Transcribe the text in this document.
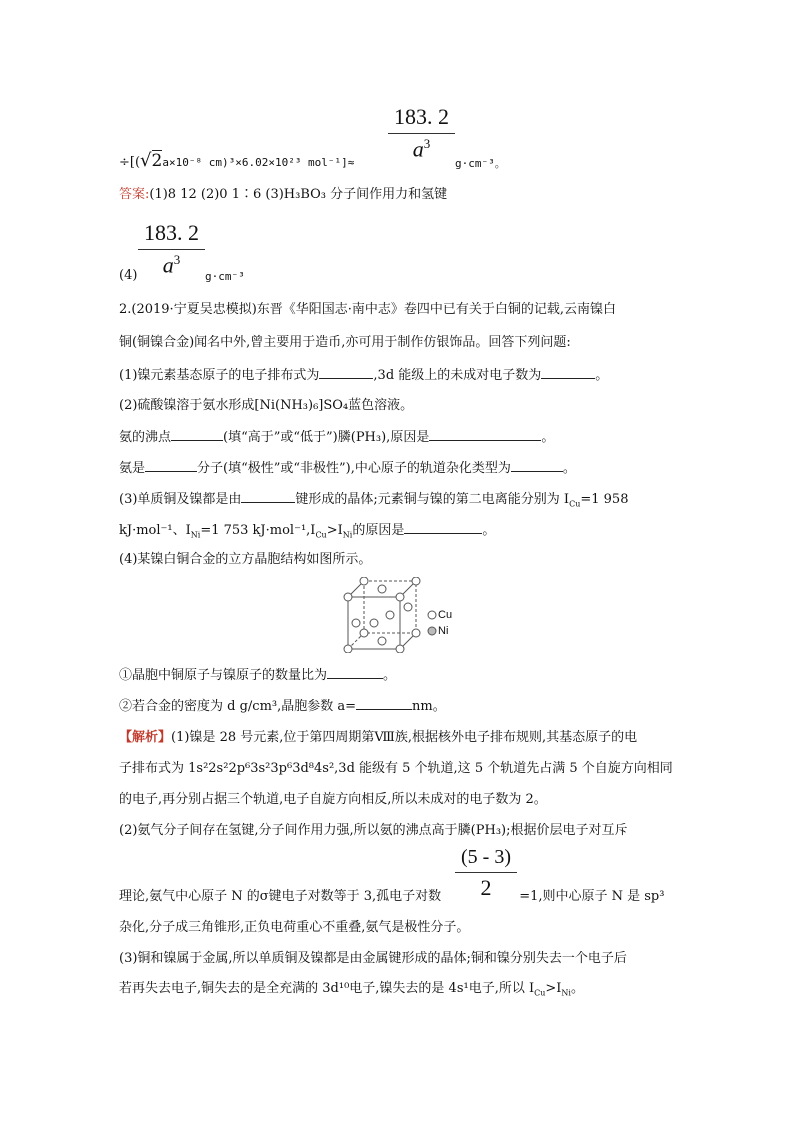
$\frac{183. 2}{a^3}$
÷[(√2a×10⁻⁸ cm)³×6.02×10²³ mol⁻¹]≈	g·cm⁻³。
答案:(1)8 12 (2)0 1∶6 (3)H₃BO₃ 分子间作用力和氢键
$\frac{183. 2}{a^3}$
(4)	g·cm⁻³
2.(2019·宁夏吴忠模拟)东晋《华阳国志·南中志》卷四中已有关于白铜的记载,云南镍白
铜(铜镍合金)闻名中外,曾主要用于造币,亦可用于制作仿银饰品。回答下列问题:
(1)镍元素基态原子的电子排布式为	,3d 能级上的未成对电子数为	。
(2)硫酸镍溶于氨水形成[Ni(NH₃)₆]SO₄蓝色溶液。
氨的沸点	(填“高于”或“低于”)膦(PH₃),原因是	。
氨是	分子(填“极性”或“非极性”),中心原子的轨道杂化类型为	。
(3)单质铜及镍都是由	键形成的晶体;元素铜与镍的第二电离能分别为 $I_{Cu}=1$ 958
kJ·mol⁻¹、$I_{Ni}=1$ 753 $kJ\cdot mol^{-1},I_{Cu}>I_{Ni}$的原因是	。
(4)某镍白铜合金的立方晶胞结构如图所示。
Cu
Ni
①晶胞中铜原子与镍原子的数量比为	。
②若合金的密度为 d g/cm³,晶胞参数 a=	nm。
【解析】(1)镍是 28 号元素,位于第四周期第Ⅷ族,根据核外电子排布规则,其基态原子的电
子排布式为 1s²2s²2p⁶3s²3p⁶3d⁸4s²,3d 能级有 5 个轨道,这 5 个轨道先占满 5 个自旋方向相同
的电子,再分别占据三个轨道,电子自旋方向相反,所以未成对的电子数为 2。
(2)氨气分子间存在氢键,分子间作用力强,所以氨的沸点高于膦(PH₃);根据价层电子对互斥
$\frac{(5 - 3)}{2}$
理论,氨气中心原子 N 的σ键电子对数等于 3,孤电子对数	=1,则中心原子 N 是 sp³
杂化,分子成三角锥形,正负电荷重心不重叠,氨气是极性分子。
(3)铜和镍属于金属,所以单质铜及镍都是由金属键形成的晶体;铜和镍分别失去一个电子后
若再失去电子,铜失去的是全充满的 3d¹⁰电子,镍失去的是 4s¹电子,所以 $I_{Cu}>I_{Ni}$。
